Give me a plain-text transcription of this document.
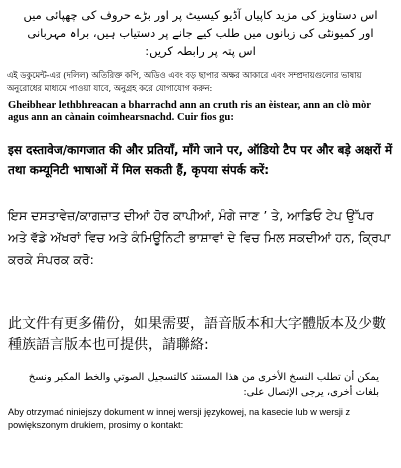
اس دستاویز کی مزید کاپیاں آڈیو کیسیٹ پر اور بڑے حروف کی چھپائی میں اور کمیونٹی کی زبانوں میں طلب کیے جانے پر دستیاب ہیں، براہ مہربانی اس پتہ پر رابطہ کریں:
এই ডকুমেন্ট-এর (দলিল) অতিরিক্ত কপি, অডিও এবং বড় ছাপার অক্ষর আকারে এবং সম্প্রদায়গুলোর ভাষায় অনুরোধের মাধ্যমে পাওয়া যাবে, অনুগ্রহ করে যোগাযোগ করুন:
Gheibhear lethbhreacan a bharrachd ann an cruth ris an èistear, ann an clò mòr agus ann an cànain coimhearsnachd. Cuir fios gu:
इस दस्तावेज/कागजात की और प्रतियाँ, माँगे जाने पर, ऑडियो टैप पर और बड़े अक्षरों में तथा कम्यूनिटी भाषाओं में मिल सकती हैं, कृपया संपर्क करें:
ਇਸ ਦਸਤਾਵੇਜ਼/ਕਾਗਜ਼ਾਤ ਦੀਆਂ ਹੋਰ ਕਾਪੀਆਂ, ਮੰਗੇ ਜਾਣ ’ ਤੇ, ਆਡਿਓ ਟੇਪ ਉੱਪਰ ਅਤੇ ਵੱਡੇ ਅੱਖਰਾਂ ਵਿਚ ਅਤੇ ਕੰਮਿਊਨਿਟੀ ਭਾਸ਼ਾਵਾਂ ਦੇ ਵਿਚ ਮਿਲ ਸਕਦੀਆਂ ਹਨ, ਕ੍ਰਿਪਾ ਕਰਕੇ ਸੰਪਰਕ ਕਰੋ:
此文件有更多備份，如果需要，語音版本和大字體版本及少數種族語言版本也可提供，請聯絡:
يمكن أن تطلب النسخ الأخرى من هذا المستند كالتسجيل الصوتي والخط المكبر ونسخ بلغات أخرى، يرجى الإتصال على:
Aby otrzymać niniejszy dokument w innej wersji językowej, na kasecie lub w wersji z powiększonym drukiem, prosimy o kontakt:
